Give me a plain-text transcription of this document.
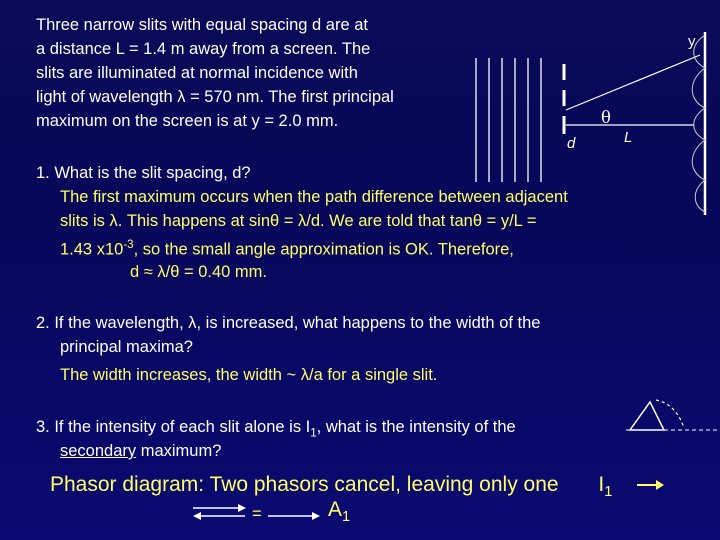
Three narrow slits with equal spacing d are at
a distance L = 1.4 m away from a screen. The
slits are illuminated at normal incidence with
light of wavelength λ = 570 nm. The first principal
maximum on the screen is at y = 2.0 mm.
y
θ
d	L
1. What is the slit spacing, d?
The first maximum occurs when the path difference between adjacent
slits is λ. This happens at sinθ = λ/d. We are told that tanθ = y/L =
1.43 $x10^{-3}$, so the small angle approximation is OK. Therefore,
d ≈ λ/θ = 0.40 mm.
2. If the wavelength, λ, is increased, what happens to the width of the
principal maxima?
The width increases, the width ~ λ/a for a single slit.
3. If the intensity of each slit alone is $I_1$, what is the intensity of the
secondary maximum?
Phasor diagram: Two phasors cancel, leaving only one $I_1$
=	$A_1$
